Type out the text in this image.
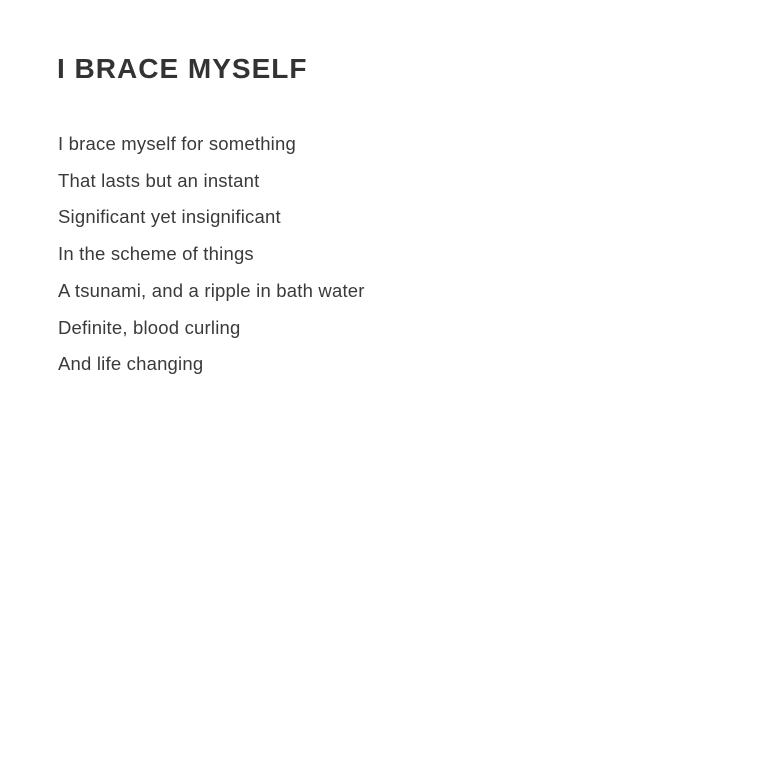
I BRACE MYSELF

I brace myself for something

That lasts but an instant

Significant yet insignificant

In the scheme of things

A tsunami, and a ripple in bath water

Definite, blood curling

And life changing
